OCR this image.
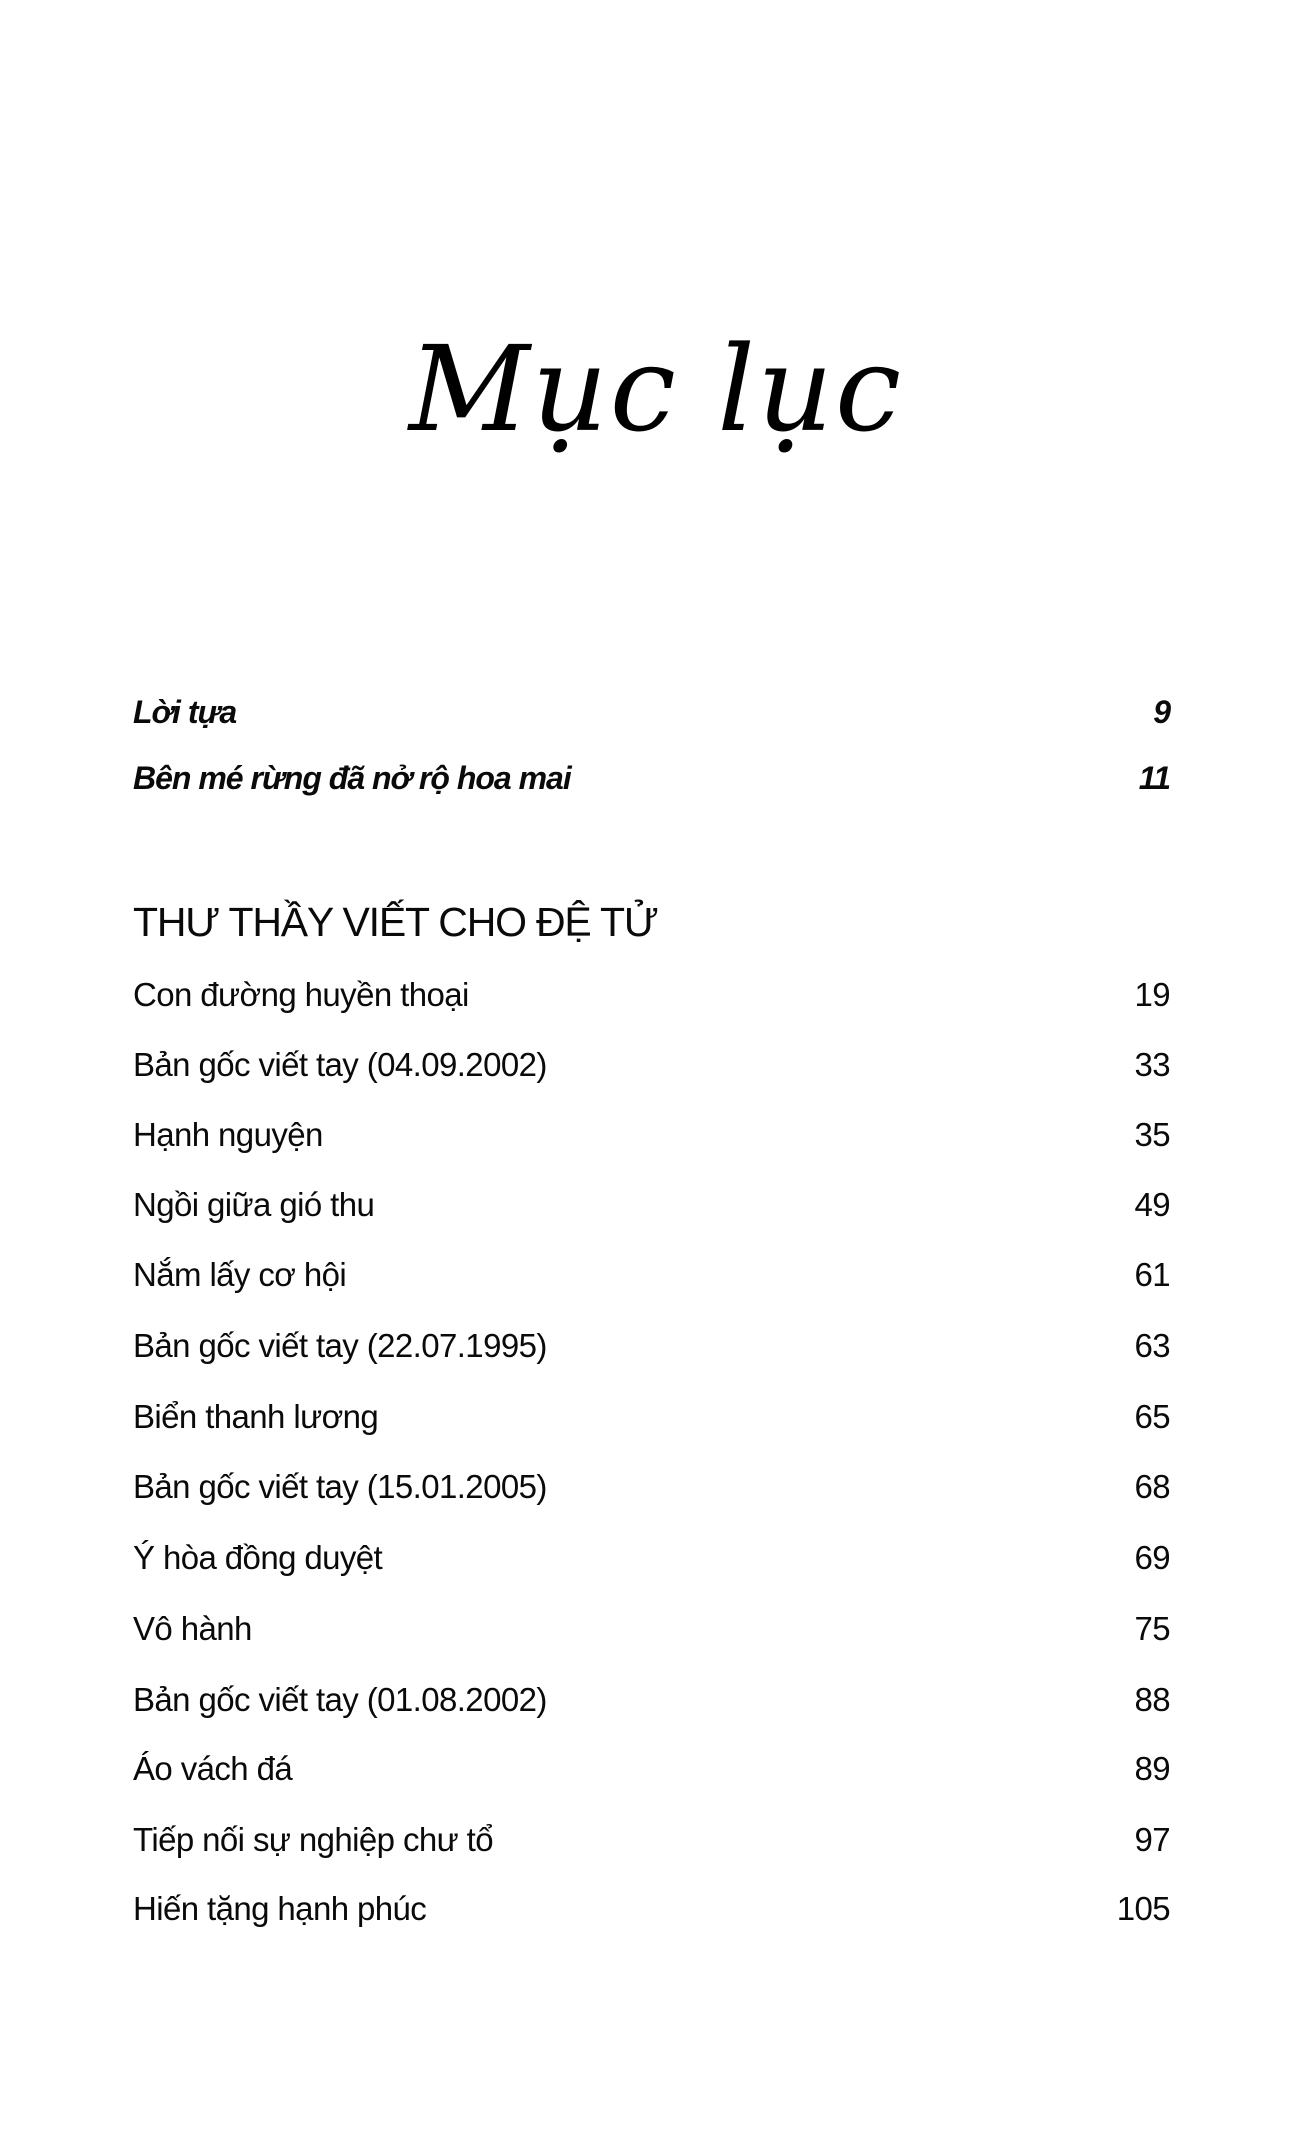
Mục lục
Lời tựa	9
Bên mé rừng đã nở rộ hoa mai	11
THƯ THẦY VIẾT CHO ĐỆ TỬ
Con đường huyền thoại	19
Bản gốc viết tay (04.09.2002)	33
Hạnh nguyện	35
Ngồi giữa gió thu	49
Nắm lấy cơ hội	61
Bản gốc viết tay (22.07.1995)	63
Biển thanh lương	65
Bản gốc viết tay (15.01.2005)	68
Ý hòa đồng duyệt	69
Vô hành	75
Bản gốc viết tay (01.08.2002)	88
Áo vách đá	89
Tiếp nối sự nghiệp chư tổ	97
Hiến tặng hạnh phúc	105
